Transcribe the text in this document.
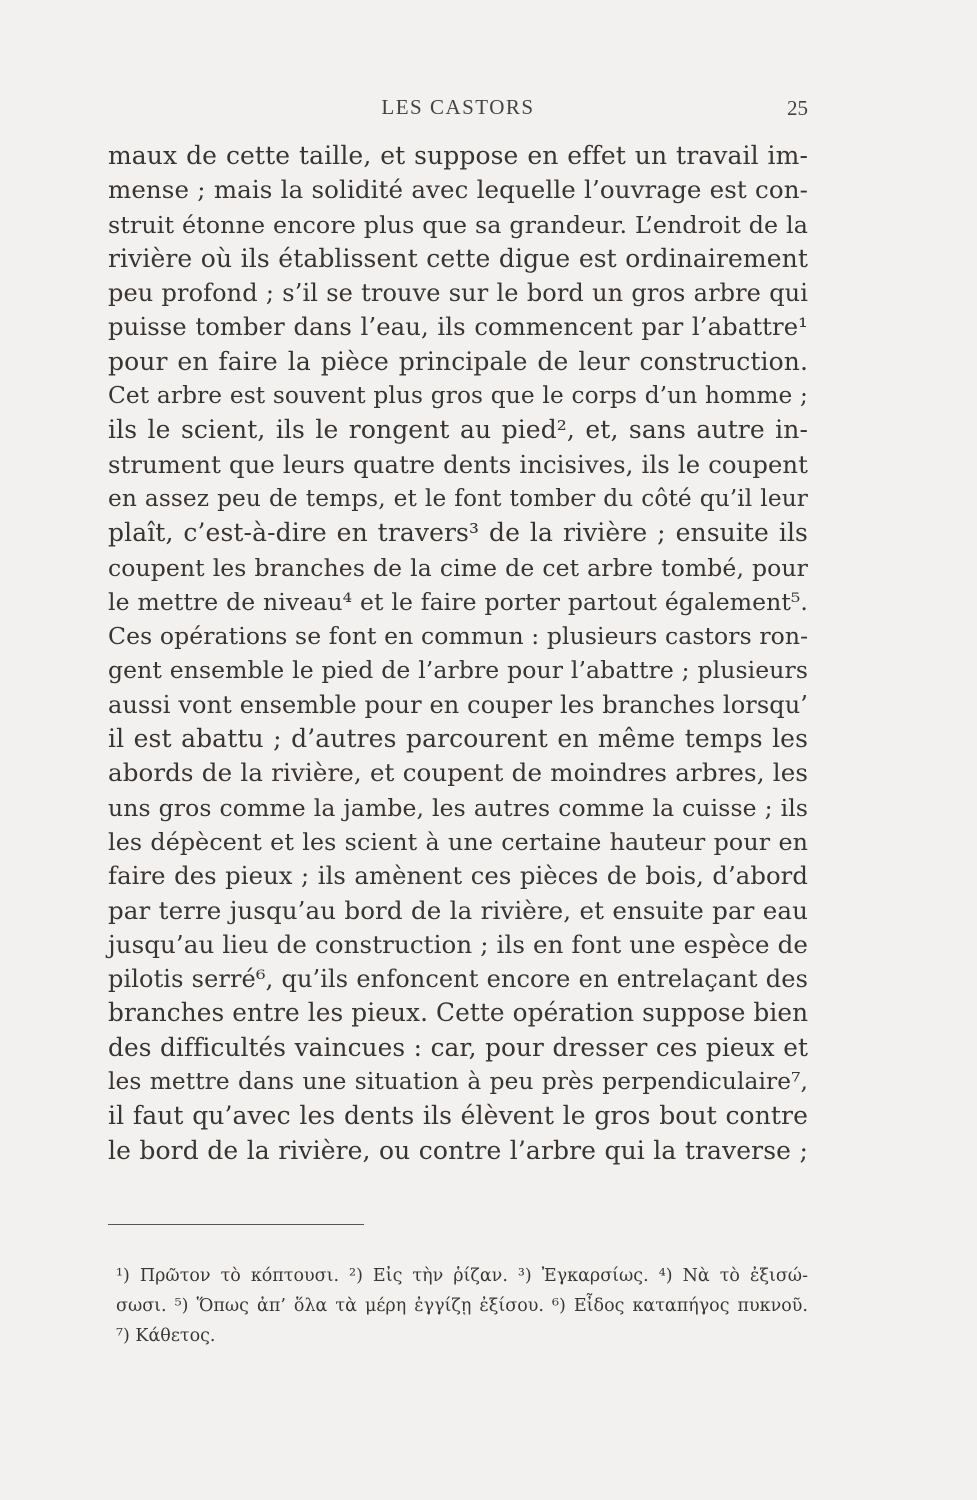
LES CASTORS	25
maux de cette taille, et suppose en effet un travail im-
mense ; mais la solidité avec lequelle l’ouvrage est con-
struit étonne encore plus que sa grandeur. L’endroit de la
rivière où ils établissent cette digue est ordinairement
peu profond ; s’il se trouve sur le bord un gros arbre qui
puisse tomber dans l’eau, ils commencent par l’abattre¹
pour en faire la pièce principale de leur construction.
Cet arbre est souvent plus gros que le corps d’un homme ;
ils le scient, ils le rongent au pied², et, sans autre in-
strument que leurs quatre dents incisives, ils le coupent
en assez peu de temps, et le font tomber du côté qu’il leur
plaît, c’est-à-dire en travers³ de la rivière ; ensuite ils
coupent les branches de la cime de cet arbre tombé, pour
le mettre de niveau⁴ et le faire porter partout également⁵.
Ces opérations se font en commun : plusieurs castors ron-
gent ensemble le pied de l’arbre pour l’abattre ; plusieurs
aussi vont ensemble pour en couper les branches lorsqu’
il est abattu ; d’autres parcourent en même temps les
abords de la rivière, et coupent de moindres arbres, les
uns gros comme la jambe, les autres comme la cuisse ; ils
les dépècent et les scient à une certaine hauteur pour en
faire des pieux ; ils amènent ces pièces de bois, d’abord
par terre jusqu’au bord de la rivière, et ensuite par eau
jusqu’au lieu de construction ; ils en font une espèce de
pilotis serré⁶, qu’ils enfoncent encore en entrelaçant des
branches entre les pieux. Cette opération suppose bien
des difficultés vaincues : car, pour dresser ces pieux et
les mettre dans une situation à peu près perpendiculaire⁷,
il faut qu’avec les dents ils élèvent le gros bout contre
le bord de la rivière, ou contre l’arbre qui la traverse ;
¹) Πρῶτον τὸ κόπτουσι. ²) Εἰς τὴν ῥίζαν. ³) Ἐγκαρσίως. ⁴) Νὰ τὸ ἐξισώ-
σωσι. ⁵) Ὅπως ἀπ’ ὅλα τὰ μέρη ἐγγίζῃ ἐξίσου. ⁶) Εἶδος καταπήγος πυκνοῦ.
⁷) Κάθετος.
